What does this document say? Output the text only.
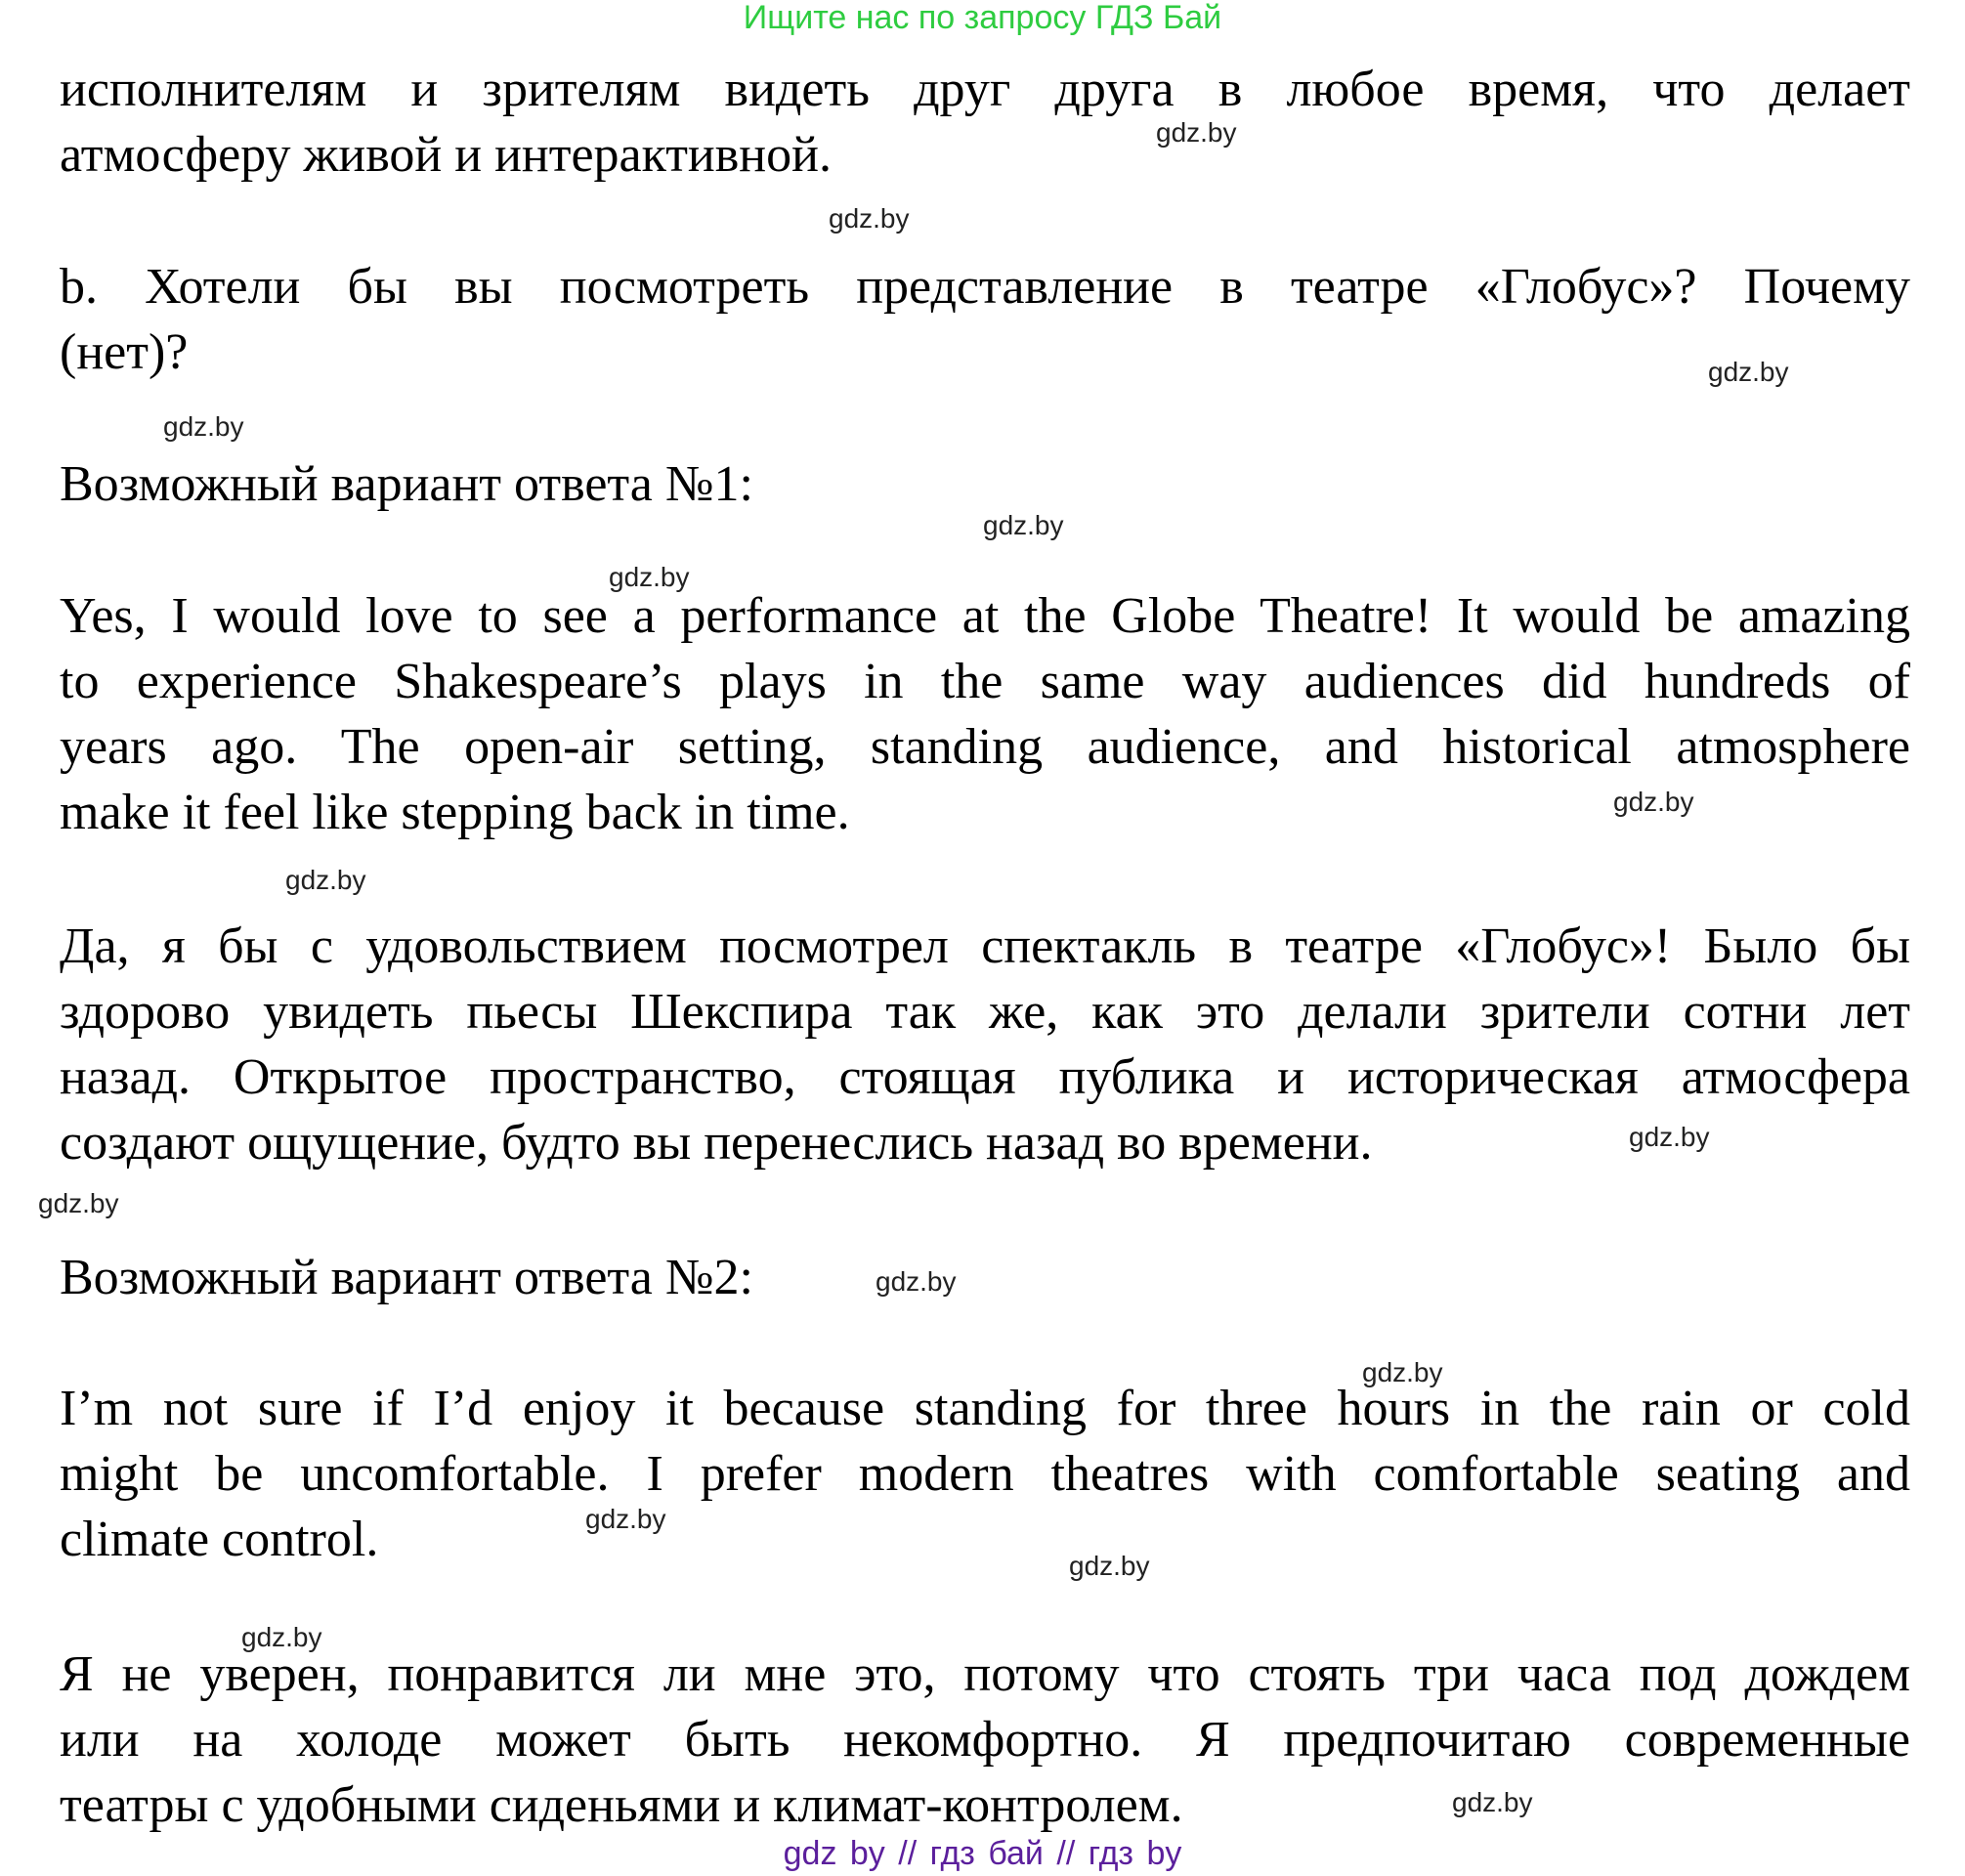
Ищите нас по запросу ГДЗ Бай
исполнителям и зрителям видеть друг друга в любое время, что делает
атмосферу живой и интерактивной.
b. Хотели бы вы посмотреть представление в театре «Глобус»? Почему
(нет)?
Возможный вариант ответа №1:
Yes, I would love to see a performance at the Globe Theatre! It would be amazing
to experience Shakespeare’s plays in the same way audiences did hundreds of
years ago. The open-air setting, standing audience, and historical atmosphere
make it feel like stepping back in time.
Да, я бы с удовольствием посмотрел спектакль в театре «Глобус»! Было бы
здорово увидеть пьесы Шекспира так же, как это делали зрители сотни лет
назад. Открытое пространство, стоящая публика и историческая атмосфера
создают ощущение, будто вы перенеслись назад во времени.
Возможный вариант ответа №2:
I’m not sure if I’d enjoy it because standing for three hours in the rain or cold
might be uncomfortable. I prefer modern theatres with comfortable seating and
climate control.
Я не уверен, понравится ли мне это, потому что стоять три часа под дождем
или на холоде может быть некомфортно. Я предпочитаю современные
театры с удобными сиденьями и климат-контролем.
gdz.by
gdz.by
gdz.by
gdz.by
gdz.by
gdz.by
gdz.by
gdz.by
gdz.by
gdz.by
gdz.by
gdz.by
gdz.by
gdz.by
gdz.by
gdz.by
gdz by // гдз бай // гдз by
